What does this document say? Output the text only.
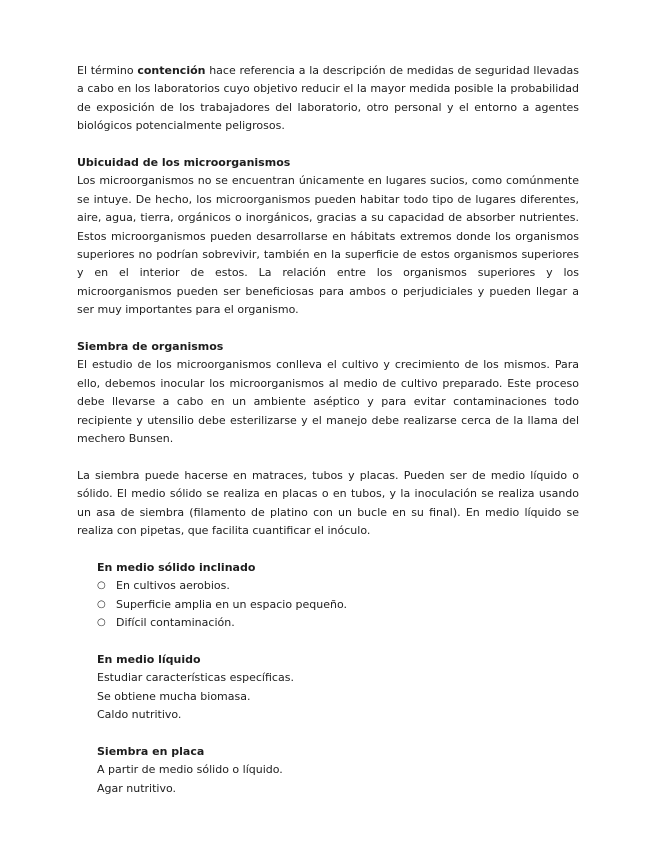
El término contención hace referencia a la descripción de medidas de seguridad llevadas a cabo en los laboratorios cuyo objetivo reducir el la mayor medida posible la probabilidad de exposición de los trabajadores del laboratorio, otro personal y el entorno a agentes biológicos potencialmente peligrosos.

Ubicuidad de los microorganismos

Los microorganismos no se encuentran únicamente en lugares sucios, como comúnmente se intuye. De hecho, los microorganismos pueden habitar todo tipo de lugares diferentes, aire, agua, tierra, orgánicos o inorgánicos, gracias a su capacidad de absorber nutrientes. Estos microorganismos pueden desarrollarse en hábitats extremos donde los organismos superiores no podrían sobrevivir, también en la superficie de estos organismos superiores y en el interior de estos. La relación entre los organismos superiores y los microorganismos pueden ser beneficiosas para ambos o perjudiciales y pueden llegar a ser muy importantes para el organismo.

Siembra de organismos

El estudio de los microorganismos conlleva el cultivo y crecimiento de los mismos. Para ello, debemos inocular los microorganismos al medio de cultivo preparado. Este proceso debe llevarse a cabo en un ambiente aséptico y para evitar contaminaciones todo recipiente y utensilio debe esterilizarse y el manejo debe realizarse cerca de la llama del mechero Bunsen.

La siembra puede hacerse en matraces, tubos y placas. Pueden ser de medio líquido o sólido. El medio sólido se realiza en placas o en tubos, y la inoculación se realiza usando un asa de siembra (filamento de platino con un bucle en su final). En medio líquido se realiza con pipetas, que facilita cuantificar el inóculo.

En medio sólido inclinado

○ En cultivos aerobios.
○ Superficie amplia en un espacio pequeño.
○ Difícil contaminación.

En medio líquido

Estudiar características específicas.

Se obtiene mucha biomasa.

Caldo nutritivo.

Siembra en placa

A partir de medio sólido o líquido.

Agar nutritivo.
